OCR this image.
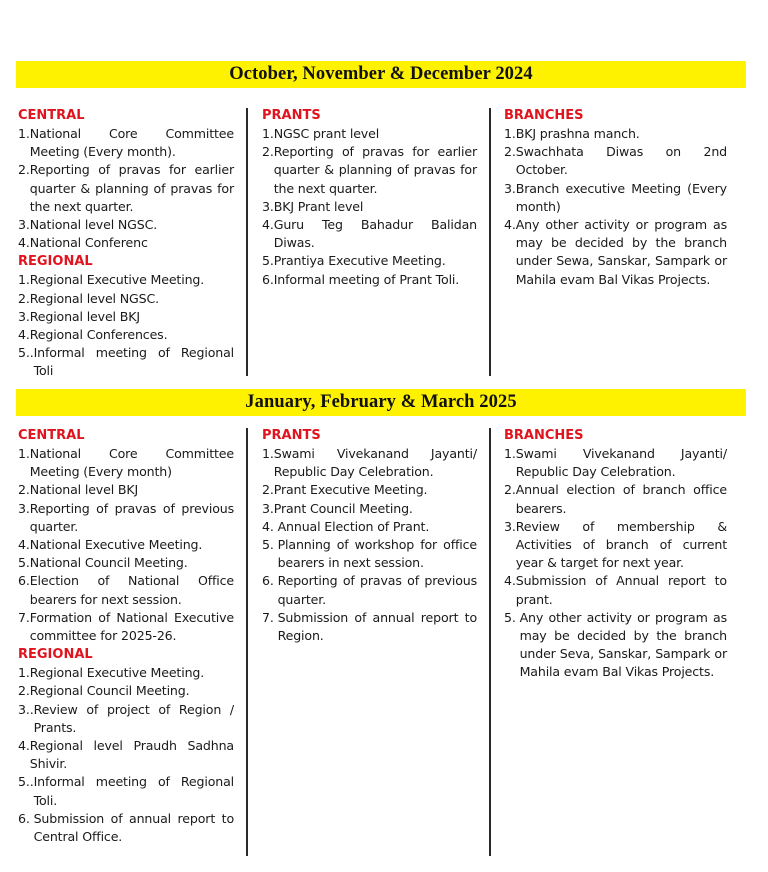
October, November & December 2024
CENTRAL
1. National Core Committee Meeting (Every month).
2. Reporting of pravas for earlier quarter & planning of pravas for the next quarter.
3. National level NGSC.
4. National Conferenc
REGIONAL
1. Regional Executive Meeting.
2. Regional level NGSC.
3. Regional level BKJ
4. Regional Conferences.
5.. Informal meeting of Regional Toli
PRANTS
1. NGSC prant level
2. Reporting of pravas for earlier quarter & planning of pravas for the next quarter.
3. BKJ Prant level
4. Guru Teg Bahadur Balidan Diwas.
5. Prantiya Executive Meeting.
6. Informal meeting of Prant Toli.
BRANCHES
1. BKJ prashna manch.
2. Swachhata Diwas on 2nd October.
3. Branch executive Meeting (Every month)
4. Any other activity or program as may be decided by the branch under Sewa, Sanskar, Sampark or Mahila evam Bal Vikas Projects.
January, February & March 2025
CENTRAL
1. National Core Committee Meeting (Every month)
2. National level BKJ
3. Reporting of pravas of previous quarter.
4. National Executive Meeting.
5. National Council Meeting.
6. Election of National Office bearers for next session.
7. Formation of National Executive committee for 2025-26.
REGIONAL
1. Regional Executive Meeting.
2. Regional Council Meeting.
3.. Review of project of Region / Prants.
4. Regional level Praudh Sadhna Shivir.
5.. Informal meeting of Regional Toli.
6. Submission of annual report to Central Office.
PRANTS
1. Swami Vivekanand Jayanti/ Republic Day Celebration.
2. Prant Executive Meeting.
3. Prant Council Meeting.
4. Annual Election of Prant.
5. Planning of workshop for office bearers in next session.
6. Reporting of pravas of previous quarter.
7. Submission of annual report to Region.
BRANCHES
1. Swami Vivekanand Jayanti/ Republic Day Celebration.
2. Annual election of branch office bearers.
3. Review of membership & Activities of branch of current year & target for next year.
4. Submission of Annual report to prant.
5. Any other activity or program as may be decided by the branch under Seva, Sanskar, Sampark or Mahila evam Bal Vikas Projects.
